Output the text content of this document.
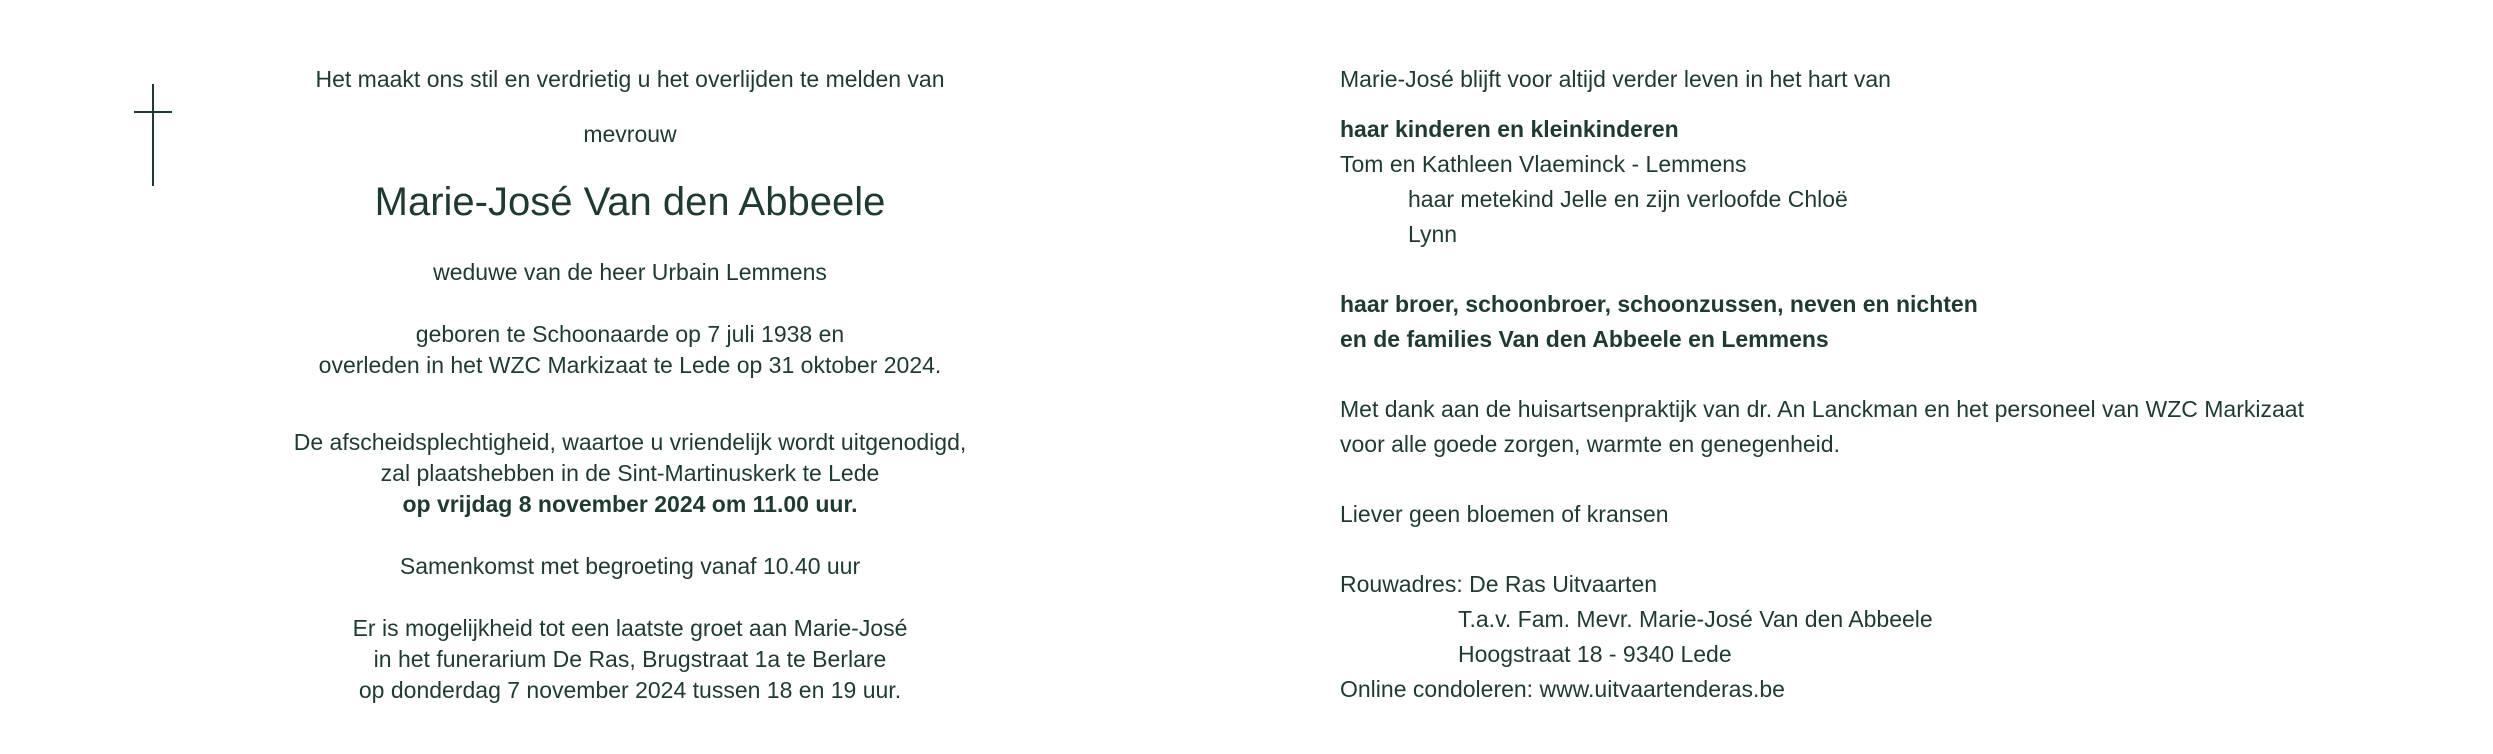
Het maakt ons stil en verdrietig u het overlijden te melden van
mevrouw
Marie-José Van den Abbeele
weduwe van de heer Urbain Lemmens
geboren te Schoonaarde op 7 juli 1938 en
overleden in het WZC Markizaat te Lede op 31 oktober 2024.
De afscheidsplechtigheid, waartoe u vriendelijk wordt uitgenodigd,
zal plaatshebben in de Sint-Martinuskerk te Lede
op vrijdag 8 november 2024 om 11.00 uur.
Samenkomst met begroeting vanaf 10.40 uur
Er is mogelijkheid tot een laatste groet aan Marie-José
in het funerarium De Ras, Brugstraat 1a te Berlare
op donderdag 7 november 2024 tussen 18 en 19 uur.
Marie-José blijft voor altijd verder leven in het hart van
haar kinderen en kleinkinderen
Tom en Kathleen Vlaeminck - Lemmens
haar metekind Jelle en zijn verloofde Chloë
Lynn
haar broer, schoonbroer, schoonzussen, neven en nichten
en de families Van den Abbeele en Lemmens
Met dank aan de huisartsenpraktijk van dr. An Lanckman en het personeel van WZC Markizaat
voor alle goede zorgen, warmte en genegenheid.
Liever geen bloemen of kransen
Rouwadres: De Ras Uitvaarten
T.a.v. Fam. Mevr. Marie-José Van den Abbeele
Hoogstraat 18 - 9340 Lede
Online condoleren: www.uitvaartenderas.be
